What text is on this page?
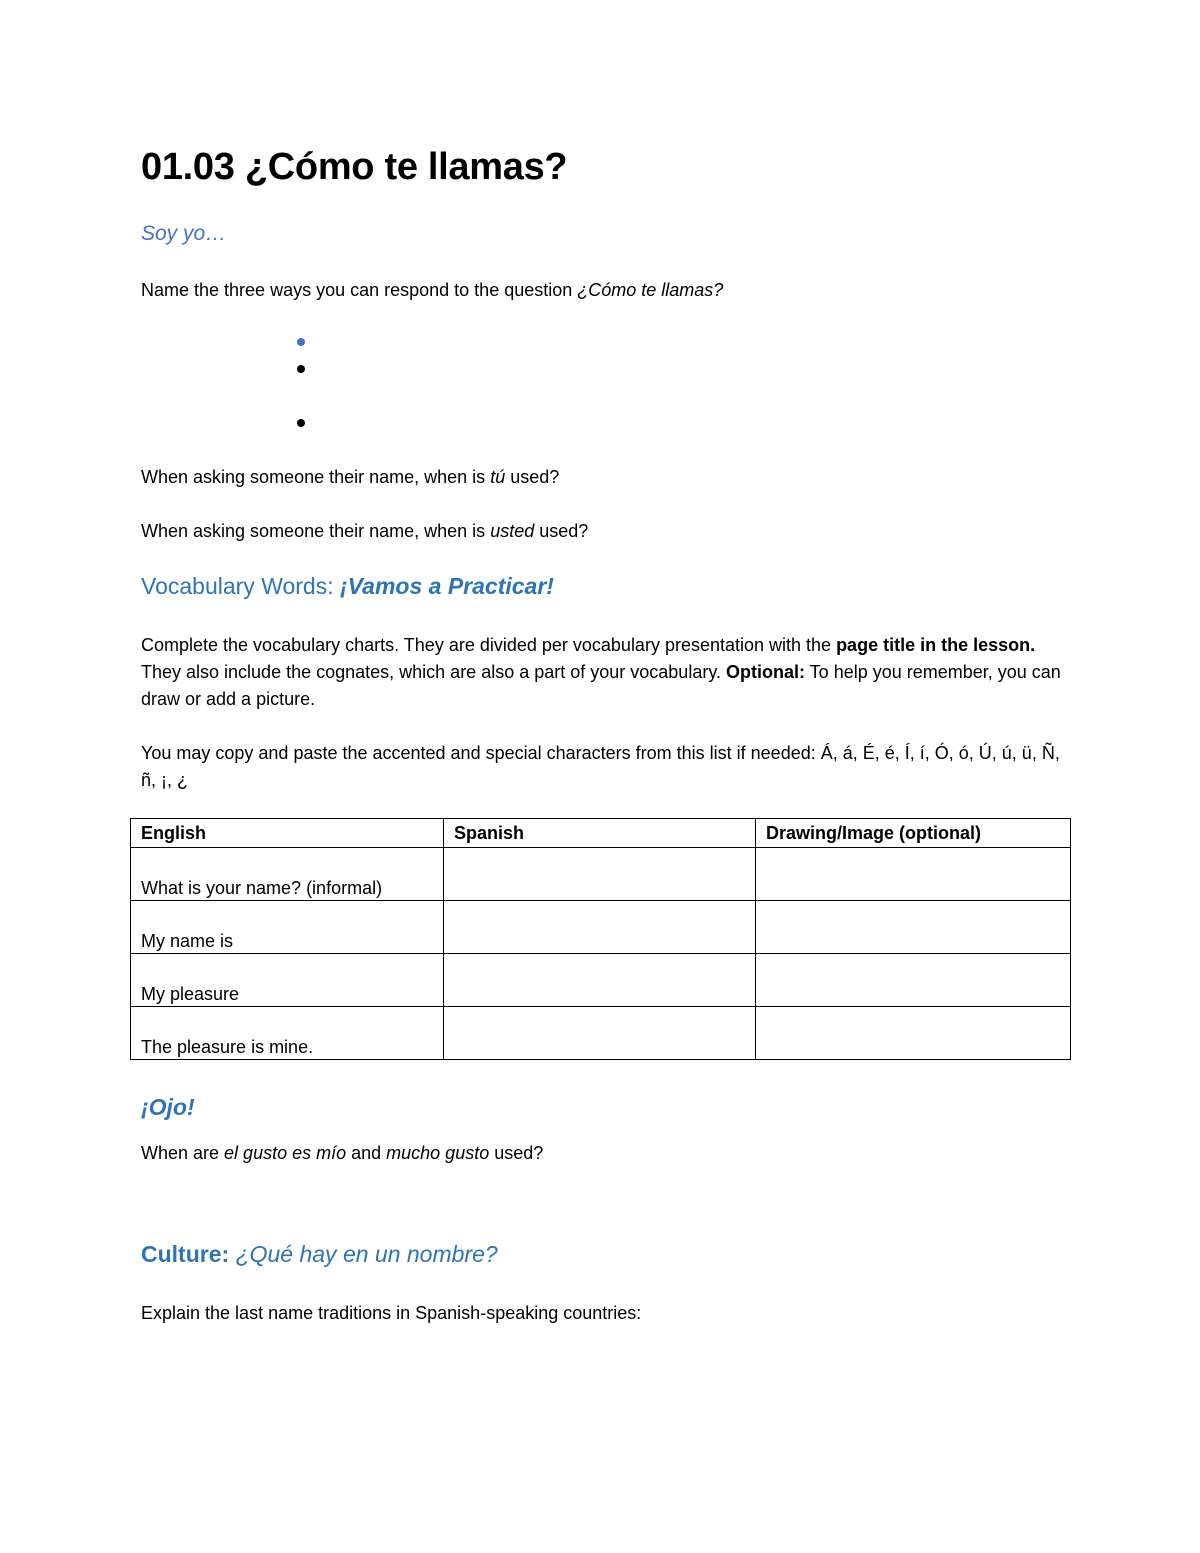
01.03 ¿Cómo te llamas?
Soy yo…

Name the three ways you can respond to the question ¿Cómo te llamas?

When asking someone their name, when is tú used?

When asking someone their name, when is usted used?

Vocabulary Words: ¡Vamos a Practicar!

Complete the vocabulary charts. They are divided per vocabulary presentation with the page title in the lesson. They also include the cognates, which are also a part of your vocabulary. Optional: To help you remember, you can draw or add a picture.

You may copy and paste the accented and special characters from this list if needed: Á, á, É, é, Í, í, Ó, ó, Ú, ú, ü, Ñ, ñ, ¡, ¿

English	Spanish	Drawing/Image (optional)
What is your name? (informal)		
My name is		
My pleasure		
The pleasure is mine.		
¡Ojo!

When are el gusto es mío and mucho gusto used?

Culture: ¿Qué hay en un nombre?

Explain the last name traditions in Spanish-speaking countries:
